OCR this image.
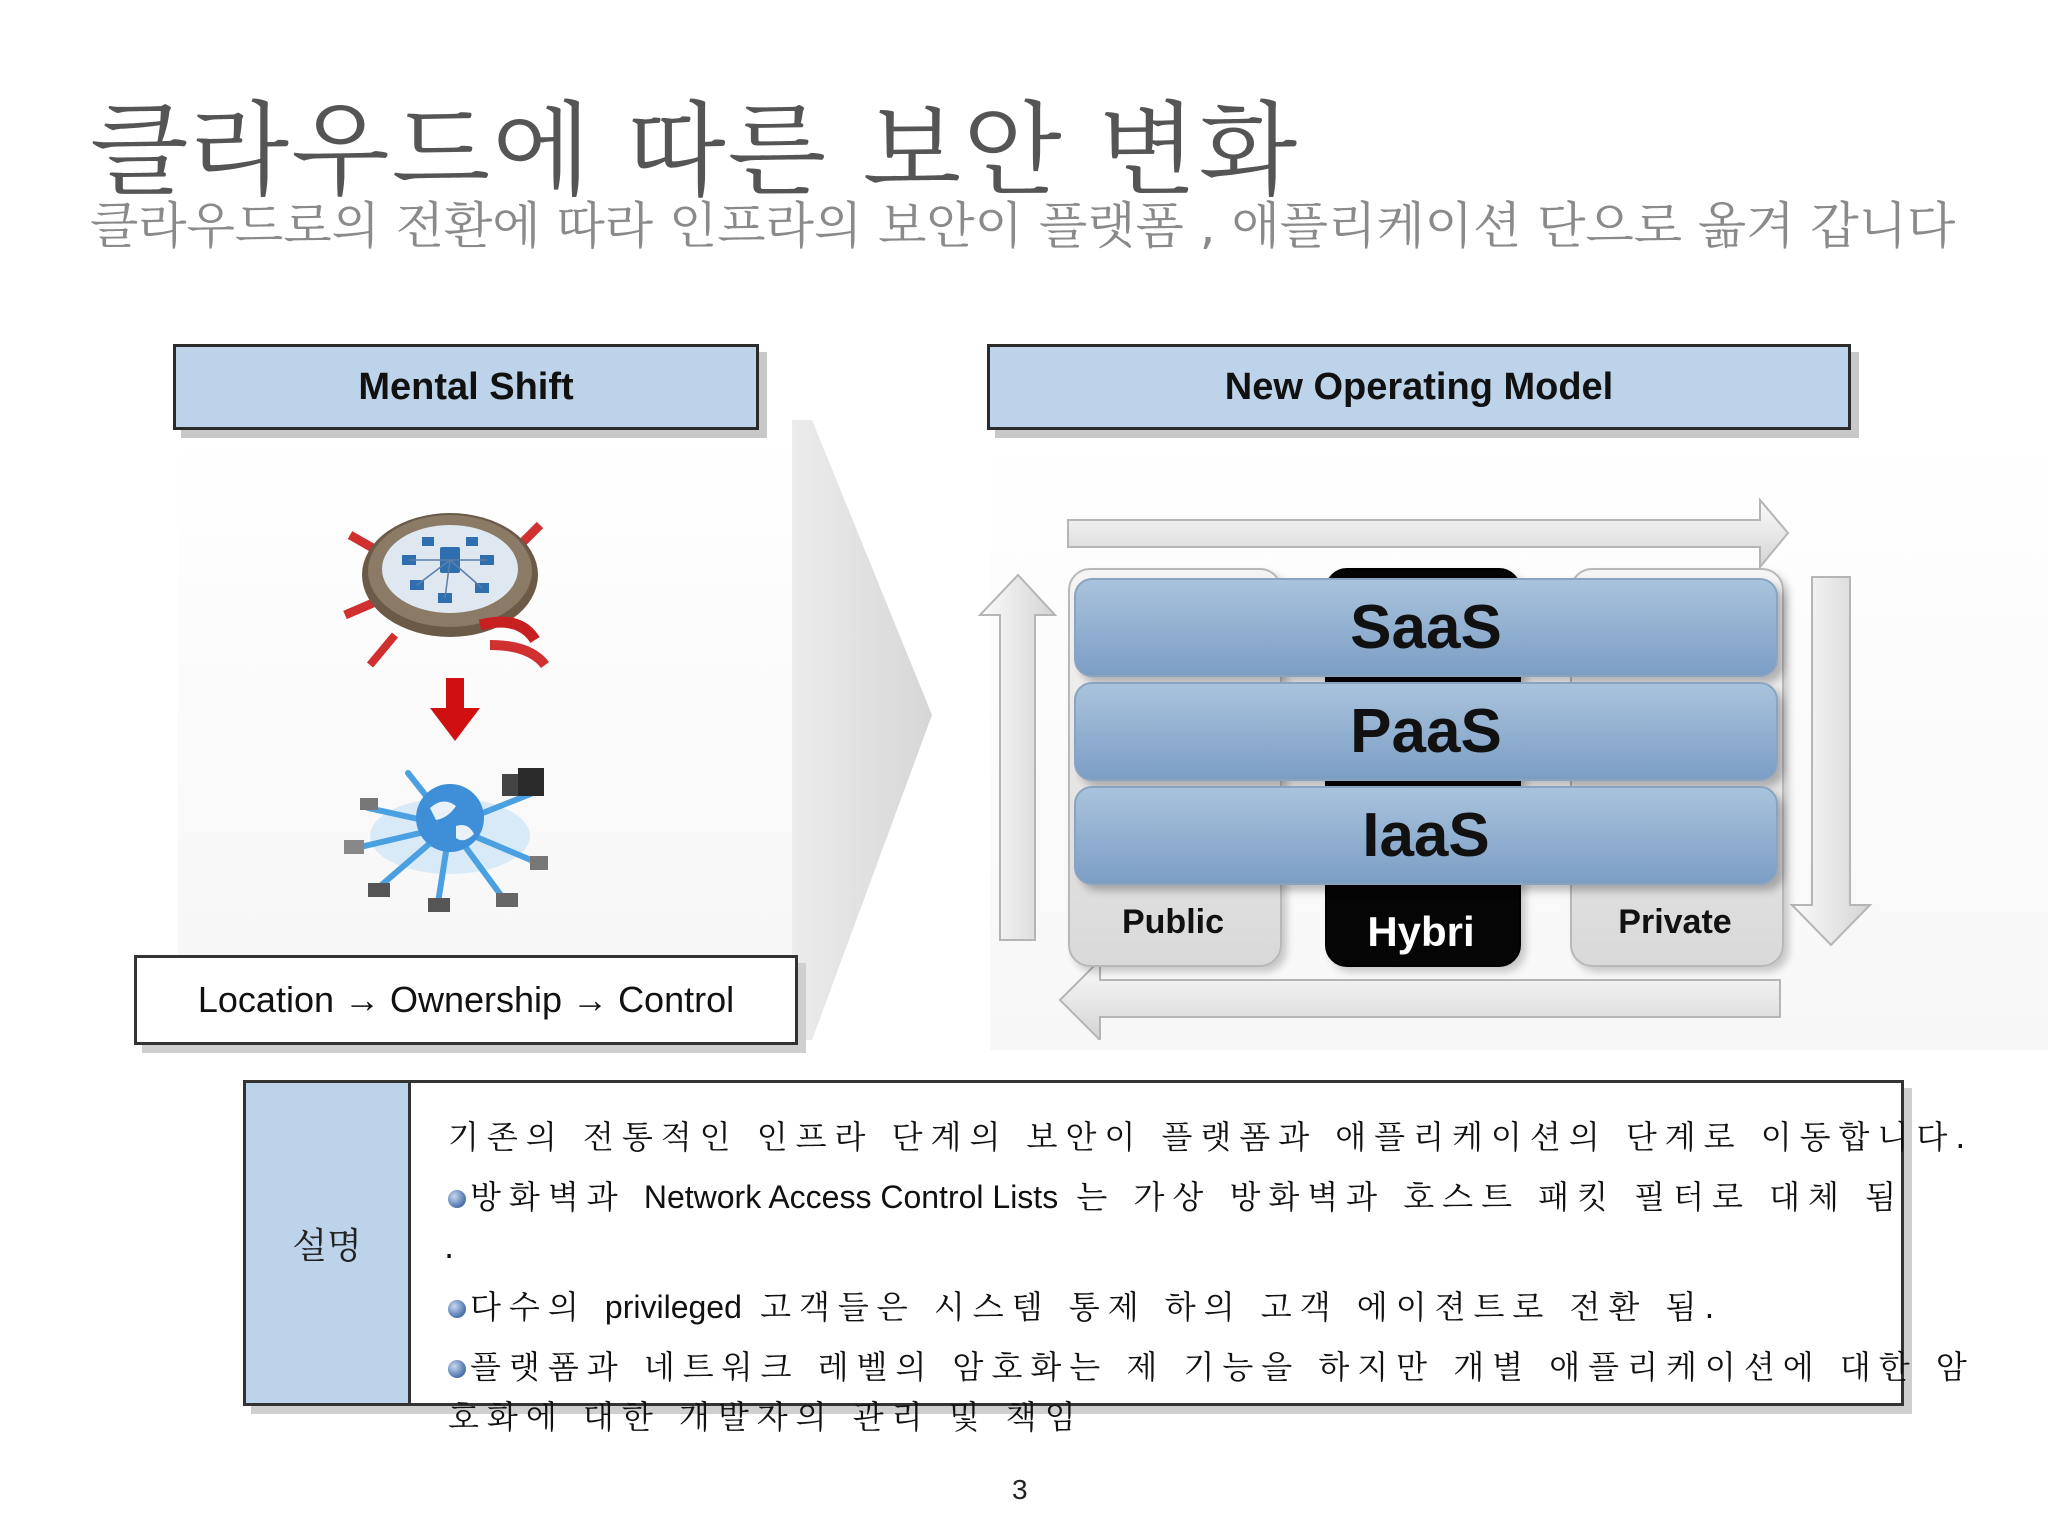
클라우드에 따른 보안 변화
클라우드로의 전환에 따라 인프라의 보안이 플랫폼 , 애플리케이션 단으로 옮겨 갑니다
Mental Shift
Location → Ownership → Control
New Operating Model
SaaS
PaaS
IaaS
Public	Hybri	Private
설명
기존의 전통적인 인프라 단계의 보안이 플랫폼과 애플리케이션의 단계로 이동합니다.
방화벽과 Network Access Control Lists 는 가상 방화벽과 호스트 패킷 필터로 대체 됨
.
다수의 privileged 고객들은 시스템 통제 하의 고객 에이젼트로 전환 됨.
플랫폼과 네트워크 레벨의 암호화는 제 기능을 하지만 개별 애플리케이션에 대한 암
호화에 대한 개발자의 관리 및 책임
3
